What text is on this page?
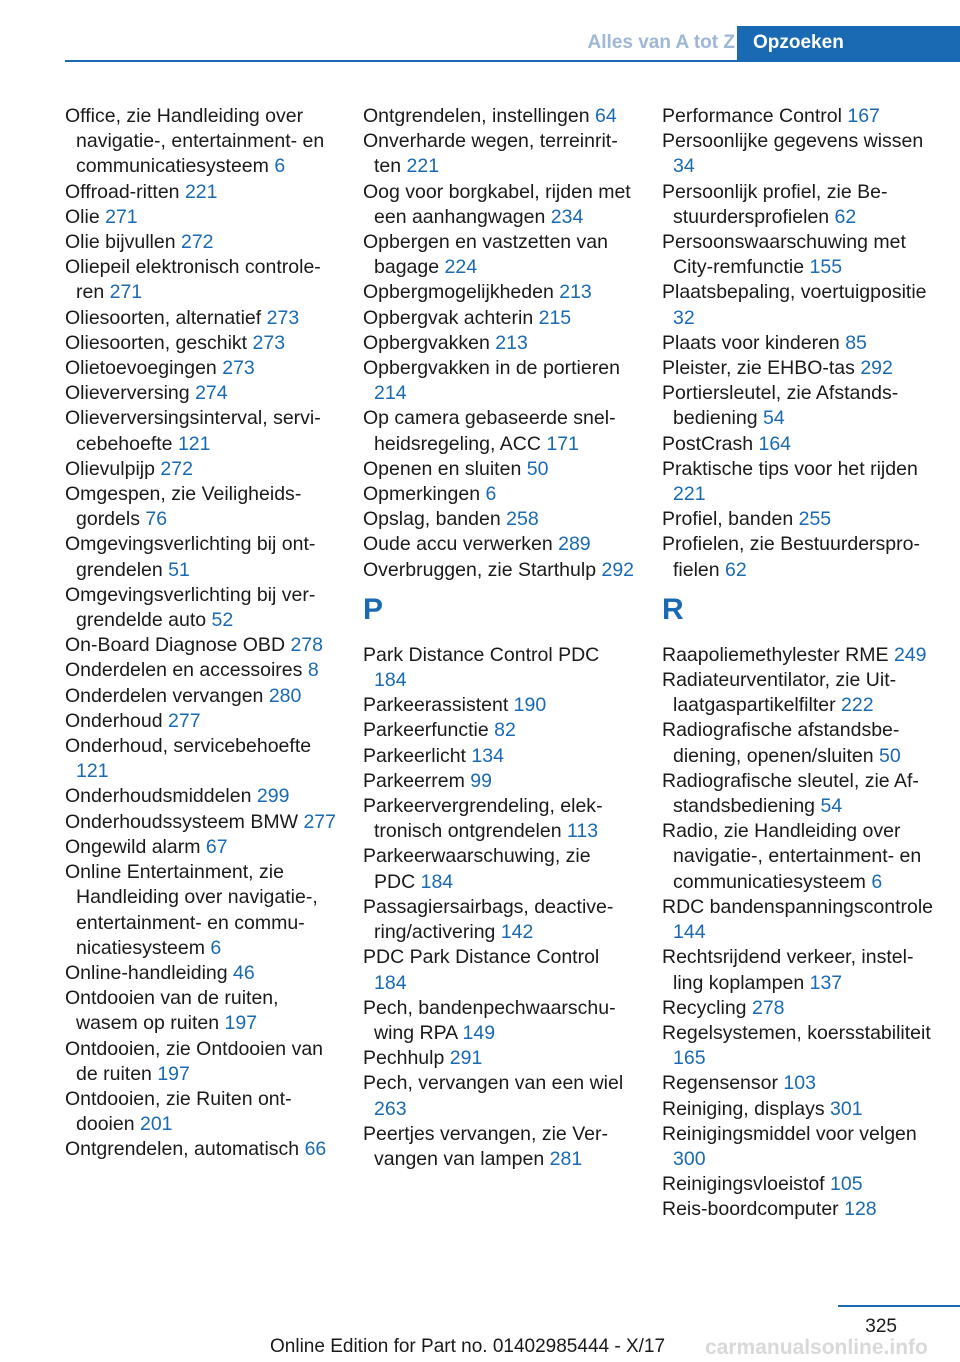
Alles van A tot Z Opzoeken

Office, zie Handleiding over navigatie-, entertainment- en communicatiesysteem 6

Offroad-ritten 221

Olie 271

Olie bijvullen 272

Oliepeil elektronisch controleren 271

Oliesoorten, alternatief 273

Oliesoorten, geschikt 273

Olietoevoegingen 273

Olieverversing 274

Olieverversingsinterval, servicebehoefte 121

Olievulpijp 272

Omgespen, zie Veiligheidsgordels 76

Omgevingsverlichting bij ontgrendelen 51

Omgevingsverlichting bij vergrendelde auto 52

On-Board Diagnose OBD 278

Onderdelen en accessoires 8

Onderdelen vervangen 280

Onderhoud 277

Onderhoud, servicebehoefte 121

Onderhoudsmiddelen 299

Onderhoudssysteem BMW 277

Ongewild alarm 67

Online Entertainment, zie Handleiding over navigatie-, entertainment- en communicatiesysteem 6

Online-handleiding 46

Ontdooien van de ruiten, wasem op ruiten 197

Ontdooien, zie Ontdooien van de ruiten 197

Ontdooien, zie Ruiten ontdooien 201

Ontgrendelen, automatisch 66

Ontgrendelen, instellingen 64

Onverharde wegen, terreinritten 221

Oog voor borgkabel, rijden met een aanhangwagen 234

Opbergen en vastzetten van bagage 224

Opbergmogelijkheden 213

Opbergvak achterin 215

Opbergvakken 213

Opbergvakken in de portieren 214

Op camera gebaseerde snelheidsregeling, ACC 171

Openen en sluiten 50

Opmerkingen 6

Opslag, banden 258

Oude accu verwerken 289

Overbruggen, zie Starthulp 292

P

Park Distance Control PDC 184

Parkeerassistent 190

Parkeerfunctie 82

Parkeerlicht 134

Parkeerrem 99

Parkeervergrendeling, elektronisch ontgrendelen 113

Parkeerwaarschuwing, zie PDC 184

Passagiersairbags, deactivering/activering 142

PDC Park Distance Control 184

Pech, bandenpechwaarschuwing RPA 149

Pechhulp 291

Pech, vervangen van een wiel 263

Peertjes vervangen, zie Vervangen van lampen 281

Performance Control 167

Persoonlijke gegevens wissen 34

Persoonlijk profiel, zie Bestuurdersprofielen 62

Persoonswaarschuwing met City-remfunctie 155

Plaatsbepaling, voertuigpositie 32

Plaats voor kinderen 85

Pleister, zie EHBO-tas 292

Portiersleutel, zie Afstandsbediening 54

PostCrash 164

Praktische tips voor het rijden 221

Profiel, banden 255

Profielen, zie Bestuurdersprofielen 62

R

Raapoliemethylester RME 249

Radiateurventilator, zie Uitlaatgaspartikelfilter 222

Radiografische afstandsbediening, openen/sluiten 50

Radiografische sleutel, zie Afstandsbediening 54

Radio, zie Handleiding over navigatie-, entertainment- en communicatiesysteem 6

RDC bandenspanningscontrole 144

Rechtsrijdend verkeer, instelling koplampen 137

Recycling 278

Regelsystemen, koersstabiliteit 165

Regensensor 103

Reiniging, displays 301

Reinigingsmiddel voor velgen 300

Reinigingsvloeistof 105

Reis-boordcomputer 128

325
Online Edition for Part no. 01402985444 - X/17 carmanualsonline.info
